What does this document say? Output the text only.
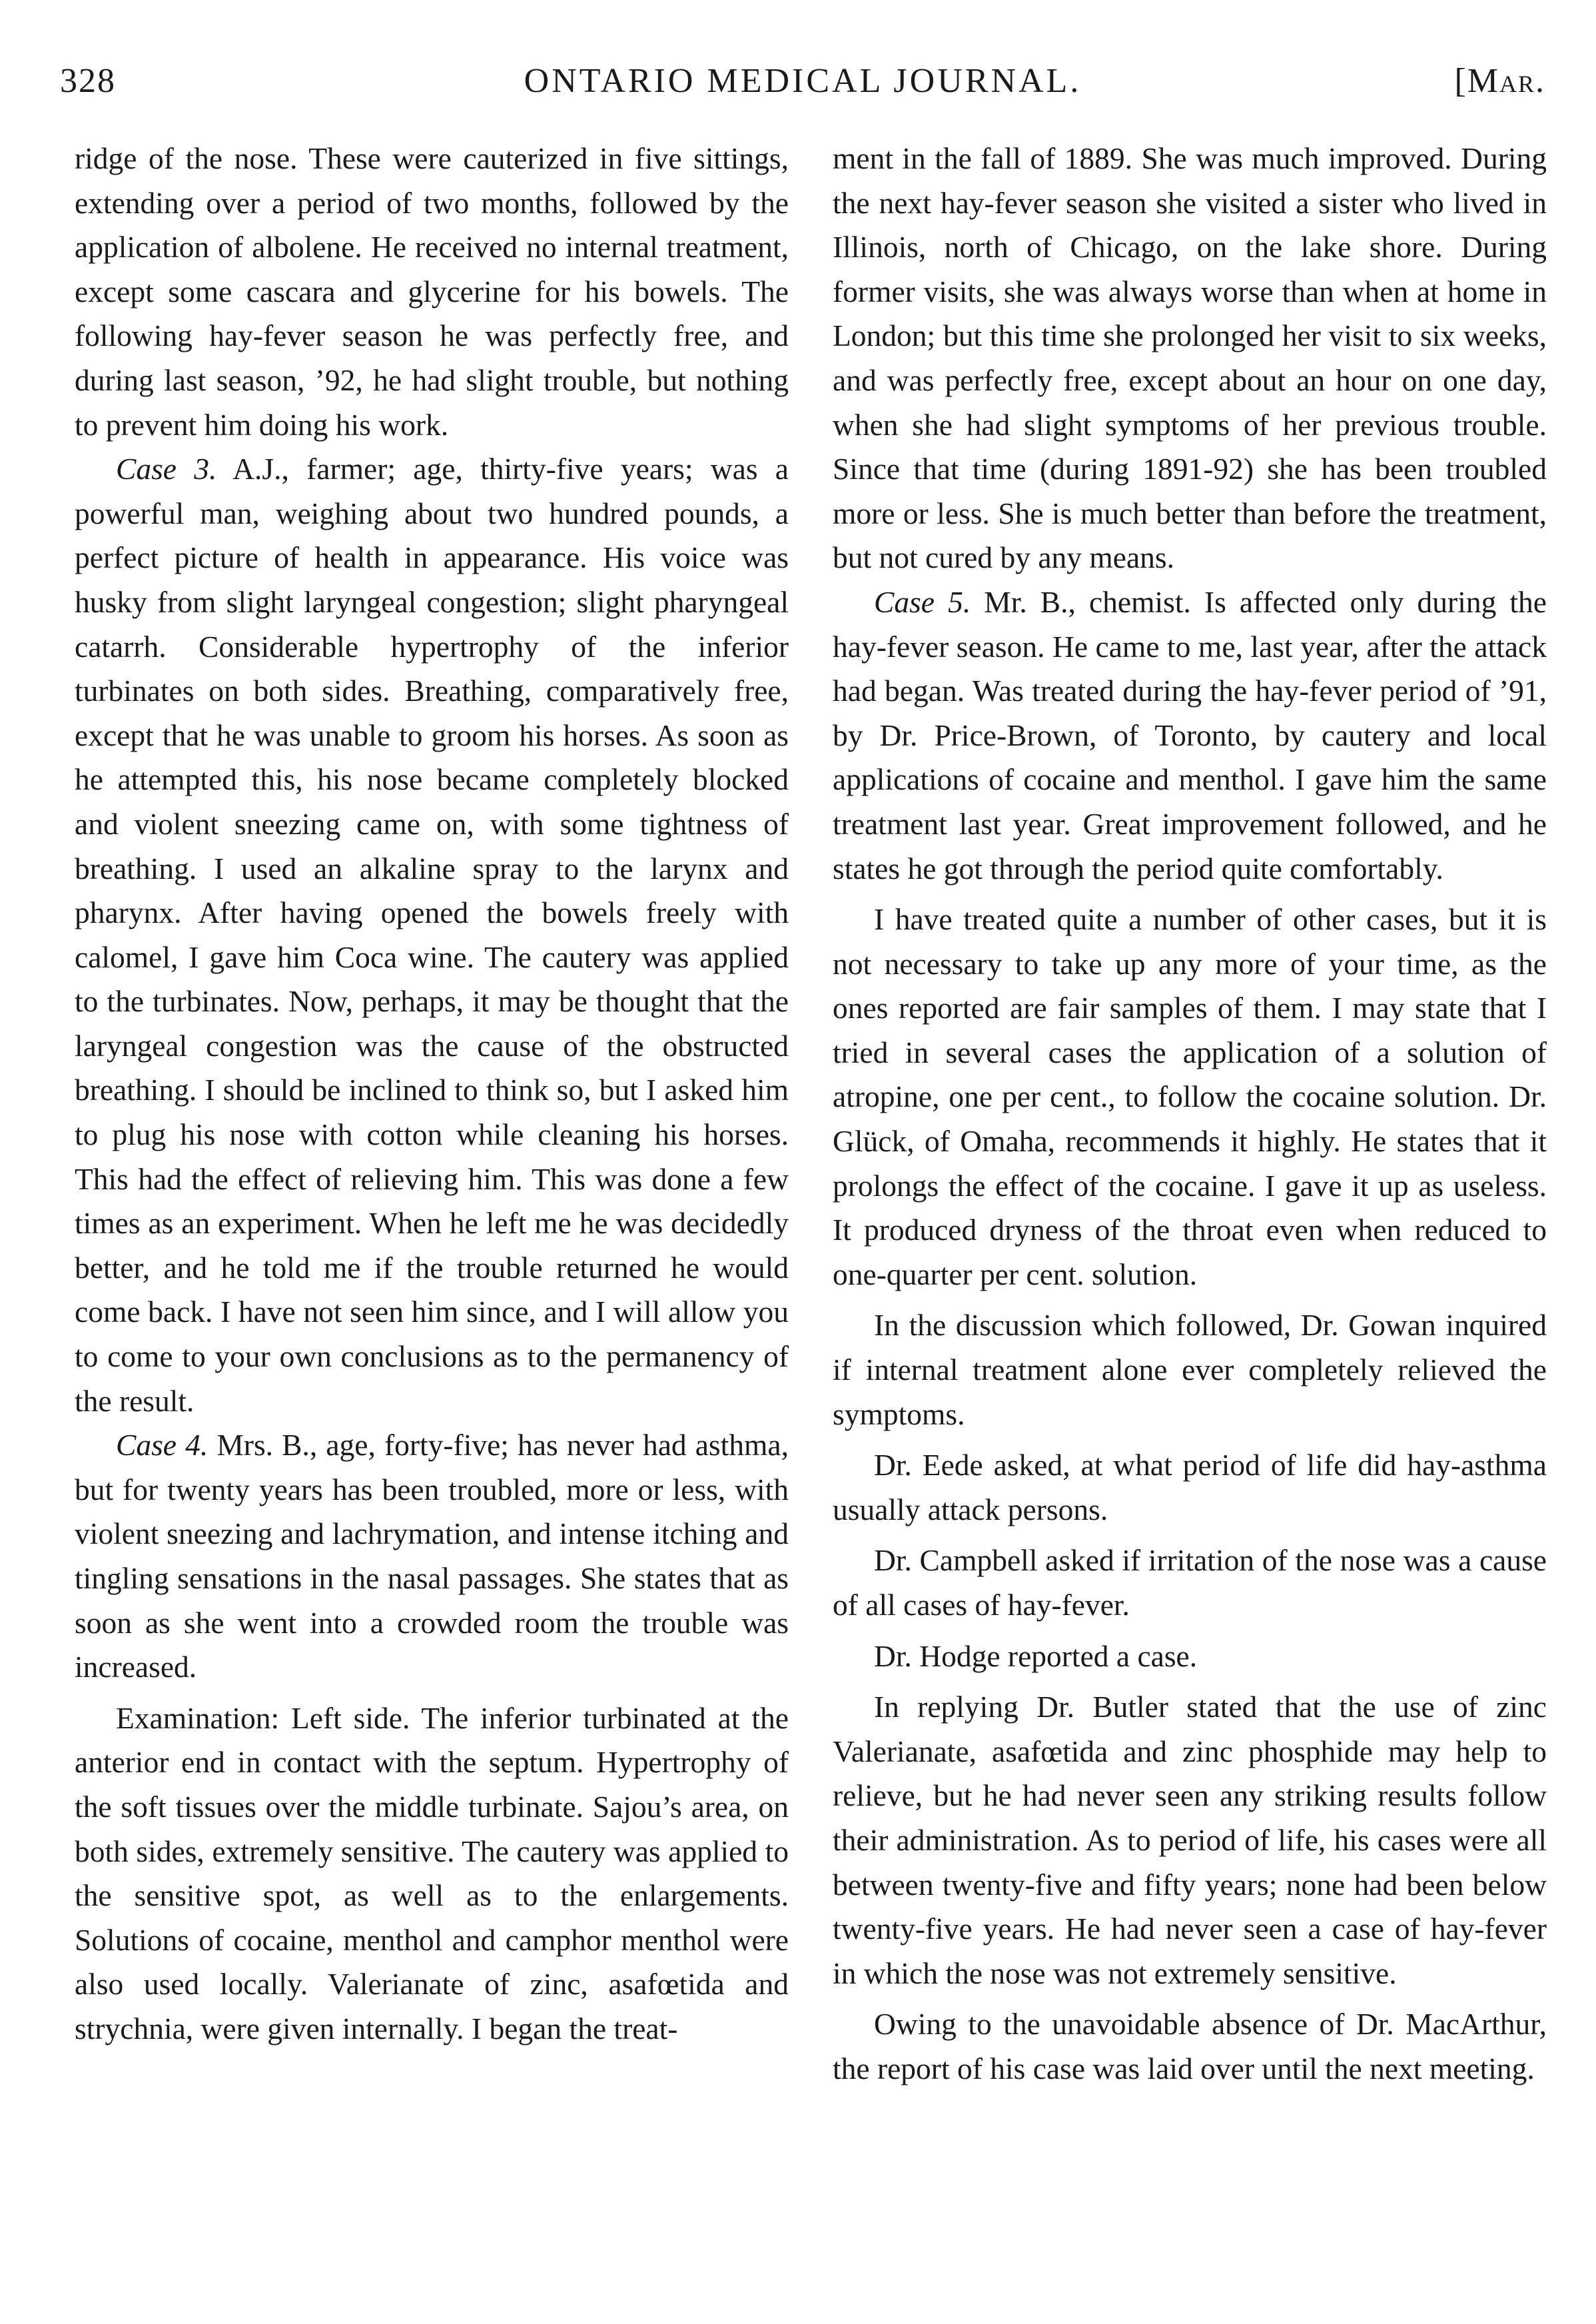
328	ONTARIO MEDICAL JOURNAL.	[Mar.

ridge of the nose. These were cauterized in five sittings, extending over a period of two months, followed by the application of albolene. He received no internal treatment, except some cascara and glycerine for his bowels. The following hay-fever season he was perfectly free, and during last season, ’92, he had slight trouble, but nothing to prevent him doing his work.

Case 3. A.J., farmer; age, thirty-five years; was a powerful man, weighing about two hundred pounds, a perfect picture of health in appearance. His voice was husky from slight laryngeal congestion; slight pharyngeal catarrh. Considerable hypertrophy of the inferior turbinates on both sides. Breathing, comparatively free, except that he was unable to groom his horses. As soon as he attempted this, his nose became completely blocked and violent sneezing came on, with some tightness of breathing. I used an alkaline spray to the larynx and pharynx. After having opened the bowels freely with calomel, I gave him Coca wine. The cautery was applied to the turbinates. Now, perhaps, it may be thought that the laryngeal congestion was the cause of the obstructed breathing. I should be inclined to think so, but I asked him to plug his nose with cotton while cleaning his horses. This had the effect of relieving him. This was done a few times as an experiment. When he left me he was decidedly better, and he told me if the trouble returned he would come back. I have not seen him since, and I will allow you to come to your own conclusions as to the permanency of the result.

Case 4. Mrs. B., age, forty-five; has never had asthma, but for twenty years has been troubled, more or less, with violent sneezing and lachrymation, and intense itching and tingling sensations in the nasal passages. She states that as soon as she went into a crowded room the trouble was increased.

Examination: Left side. The inferior turbinated at the anterior end in contact with the septum. Hypertrophy of the soft tissues over the middle turbinate. Sajou’s area, on both sides, extremely sensitive. The cautery was applied to the sensitive spot, as well as to the enlargements. Solutions of cocaine, menthol and camphor menthol were also used locally. Valerianate of zinc, asafœtida and strychnia, were given internally. I began the treat-

ment in the fall of 1889. She was much improved. During the next hay-fever season she visited a sister who lived in Illinois, north of Chicago, on the lake shore. During former visits, she was always worse than when at home in London; but this time she prolonged her visit to six weeks, and was perfectly free, except about an hour on one day, when she had slight symptoms of her previous trouble. Since that time (during 1891-92) she has been troubled more or less. She is much better than before the treatment, but not cured by any means.

Case 5. Mr. B., chemist. Is affected only during the hay-fever season. He came to me, last year, after the attack had began. Was treated during the hay-fever period of ’91, by Dr. Price-Brown, of Toronto, by cautery and local applications of cocaine and menthol. I gave him the same treatment last year. Great improvement followed, and he states he got through the period quite comfortably.

I have treated quite a number of other cases, but it is not necessary to take up any more of your time, as the ones reported are fair samples of them. I may state that I tried in several cases the application of a solution of atropine, one per cent., to follow the cocaine solution. Dr. Glück, of Omaha, recommends it highly. He states that it prolongs the effect of the cocaine. I gave it up as useless. It produced dryness of the throat even when reduced to one-quarter per cent. solution.

In the discussion which followed, Dr. Gowan inquired if internal treatment alone ever completely relieved the symptoms.

Dr. Eede asked, at what period of life did hay-asthma usually attack persons.

Dr. Campbell asked if irritation of the nose was a cause of all cases of hay-fever.

Dr. Hodge reported a case.

In replying Dr. Butler stated that the use of zinc Valerianate, asafœtida and zinc phosphide may help to relieve, but he had never seen any striking results follow their administration. As to period of life, his cases were all between twenty-five and fifty years; none had been below twenty-five years. He had never seen a case of hay-fever in which the nose was not extremely sensitive.

Owing to the unavoidable absence of Dr. MacArthur, the report of his case was laid over until the next meeting.
